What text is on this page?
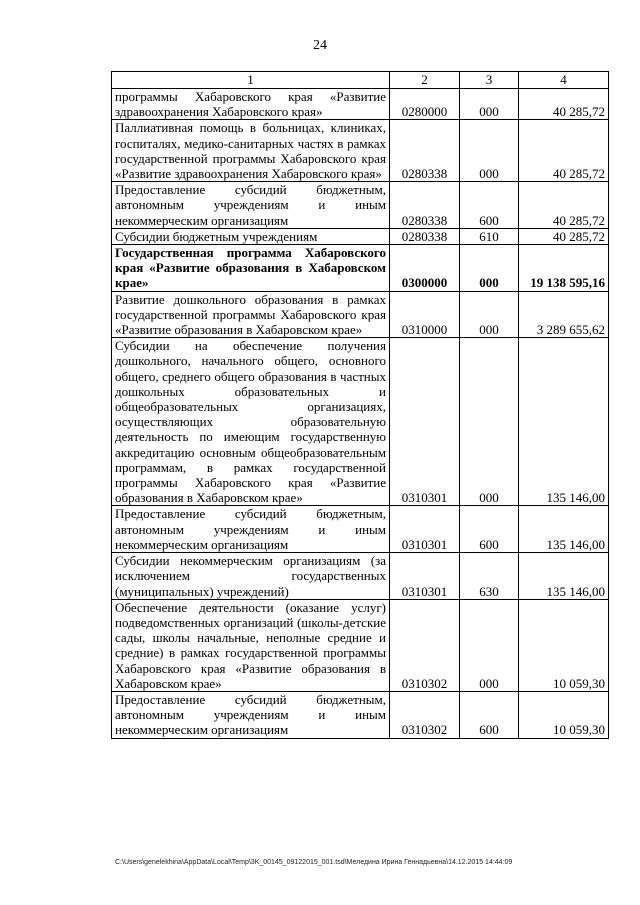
24
1	2	3	4
программы Хабаровского края «Развитие здравоохранения Хабаровского края»	0280000	000	40 285,72
Паллиативная помощь в больницах, клиниках, госпиталях, медико-санитарных частях в рамках государственной программы Хабаровского края «Развитие здравоохранения Хабаровского края»	0280338	000	40 285,72
Предоставление субсидий бюджетным, автономным учреждениям и иным некоммерческим организациям	0280338	600	40 285,72
Субсидии бюджетным учреждениям	0280338	610	40 285,72
Государственная программа Хабаровского края «Развитие образования в Хабаровском крае»	0300000	000	19 138 595,16
Развитие дошкольного образования в рамках государственной программы Хабаровского края «Развитие образования в Хабаровском крае»	0310000	000	3 289 655,62
Субсидии на обеспечение получения дошкольного, начального общего, основного общего, среднего общего образования в частных дошкольных образовательных и общеобразовательных организациях, осуществляющих образовательную деятельность по имеющим государственную аккредитацию основным общеобразовательным программам, в рамках государственной программы Хабаровского края «Развитие образования в Хабаровском крае»	0310301	000	135 146,00
Предоставление субсидий бюджетным, автономным учреждениям и иным некоммерческим организациям	0310301	600	135 146,00
Субсидии некоммерческим организациям (за исключением государственных (муниципальных) учреждений)	0310301	630	135 146,00
Обеспечение деятельности (оказание услуг) подведомственных организаций (школы-детские сады, школы начальные, неполные средние и средние) в рамках государственной программы Хабаровского края «Развитие образования в Хабаровском крае»	0310302	000	10 059,30
Предоставление субсидий бюджетным, автономным учреждениям и иным некоммерческим организациям	0310302	600	10 059,30
C:\Users\genelekhina\AppData\Local\Temp\3K_00145_09122015_001.tsd\Меледина Ирина Геннадьевна\14.12.2015 14:44:09
